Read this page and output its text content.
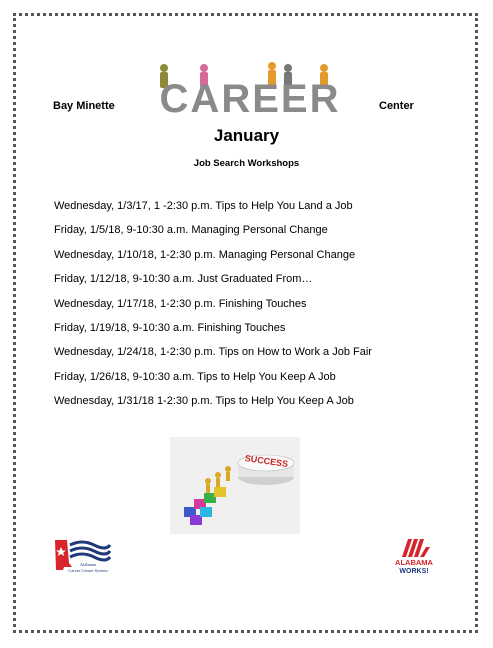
Bay Minette CAREER	Center
January
Job Search Workshops
Wednesday, 1/3/17, 1 -2:30 p.m. Tips to Help You Land a Job
Friday, 1/5/18, 9-10:30 a.m. Managing Personal Change
Wednesday, 1/10/18, 1-2:30 p.m. Managing Personal Change
Friday, 1/12/18, 9-10:30 a.m. Just Graduated From…
Wednesday, 1/17/18, 1-2:30 p.m. Finishing Touches
Friday, 1/19/18, 9-10:30 a.m. Finishing Touches
Wednesday, 1/24/18, 1-2:30 p.m. Tips on How to Work a Job Fair
Friday, 1/26/18, 9-10:30 a.m. Tips to Help You Keep A Job
Wednesday, 1/31/18 1-2:30 p.m. Tips to Help You Keep A Job
SUCCESS
Alabama
Career Center System
ALABAMA
WORKS!
